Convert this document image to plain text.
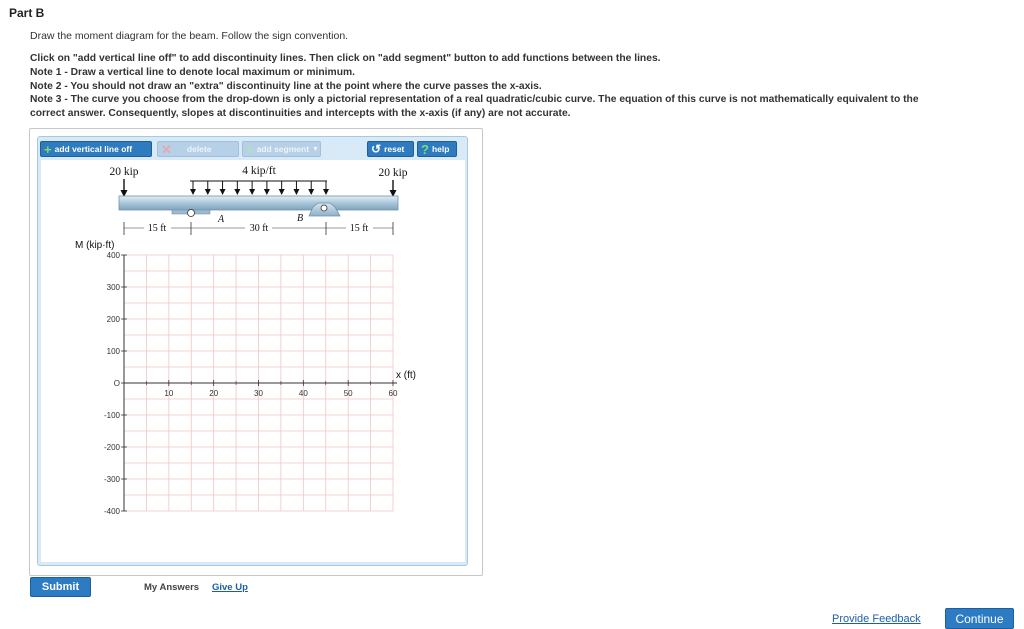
Part B
Draw the moment diagram for the beam. Follow the sign convention.
Click on "add vertical line off" to add discontinuity lines. Then click on "add segment" button to add functions between the lines.
Note 1 - Draw a vertical line to denote local maximum or minimum.
Note 2 - You should not draw an "extra" discontinuity line at the point where the curve passes the x-axis.
Note 3 - The curve you choose from the drop-down is only a pictorial representation of a real quadratic/cubic curve. The equation of this curve is not mathematically equivalent to the
correct answer. Consequently, slopes at discontinuities and intercepts with the x-axis (if any) are not accurate.
+ add vertical line off ✕ delete	+ add segment ▼	↺ reset ? help
20 kip	20 kip
4 kip/ft
A	B
15 ft	30 ft	15 ft
10	20	30	40	50	60
400
300
200
100
O
-100
-200
-300
-400
M (kip·ft)
x (ft)
Submit	My Answers Give Up
Provide Feedback	Continue
